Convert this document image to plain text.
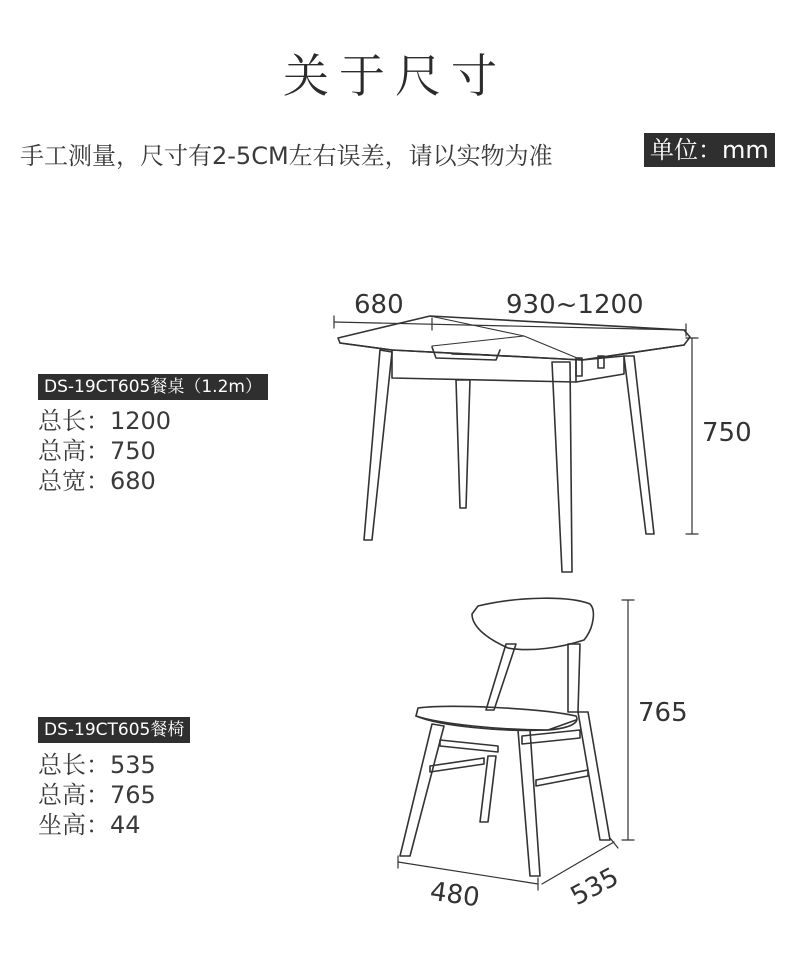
关于尺寸
手工测量，尺寸有2-5CM左右误差，请以实物为准	单位：mm
680	930~1200
750
DS-19CT605餐桌（1.2m）
总长：1200
总高：750
总宽：680
765
480	535
DS-19CT605餐椅
总长：535
总高：765
坐高：44
